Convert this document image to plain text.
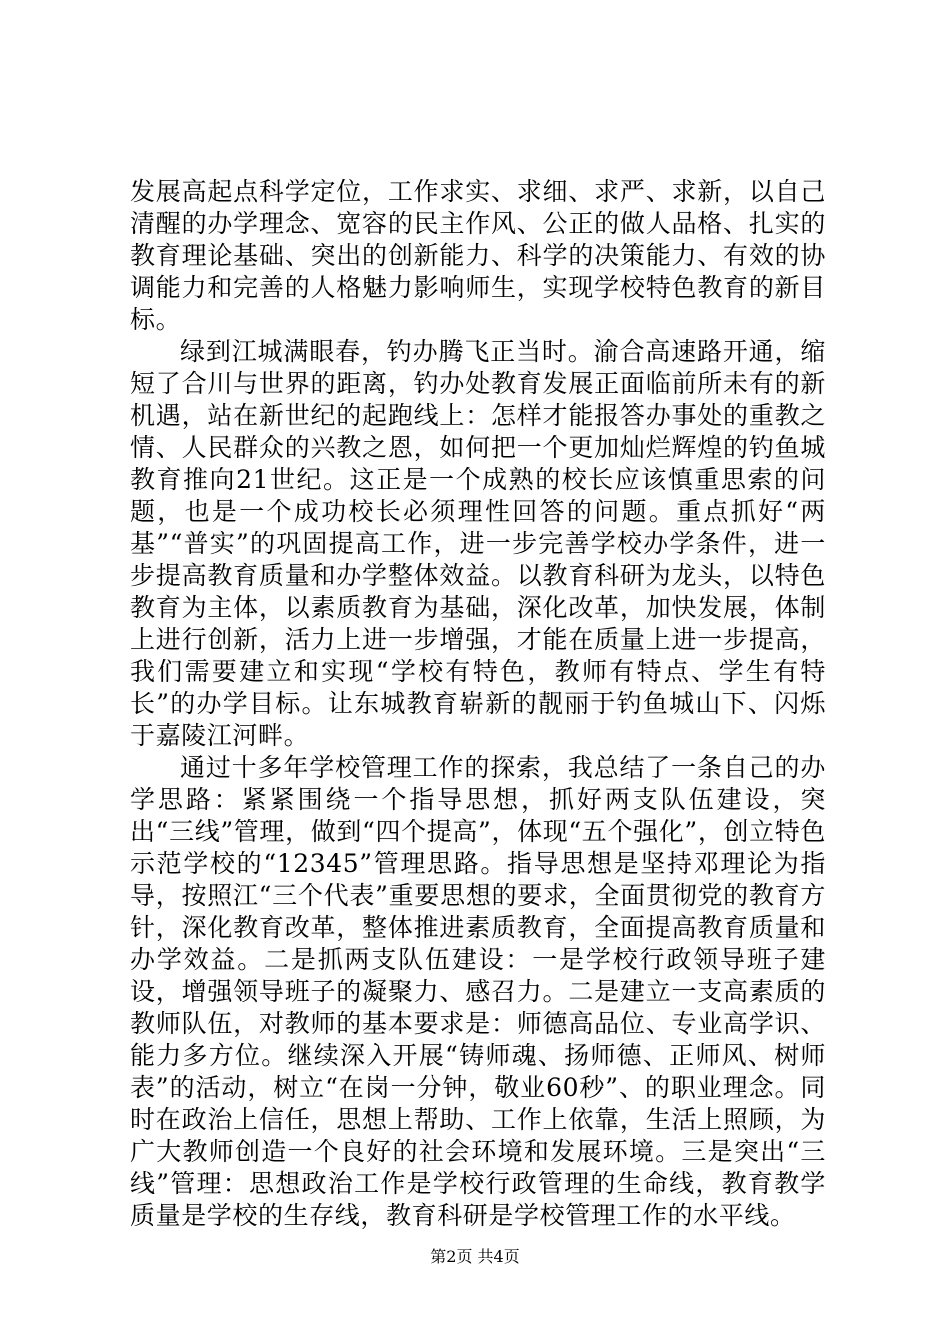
发展高起点科学定位，工作求实、求细、求严、求新，以自己清醒的办学理念、宽容的民主作风、公正的做人品格、扎实的教育理论基础、突出的创新能力、科学的决策能力、有效的协调能力和完善的人格魅力影响师生，实现学校特色教育的新目标。

绿到江城满眼春，钓办腾飞正当时。渝合高速路开通，缩短了合川与世界的距离，钓办处教育发展正面临前所未有的新机遇，站在新世纪的起跑线上：怎样才能报答办事处的重教之情、人民群众的兴教之恩，如何把一个更加灿烂辉煌的钓鱼城教育推向21世纪。这正是一个成熟的校长应该慎重思索的问题，也是一个成功校长必须理性回答的问题。重点抓好“两基”“普实”的巩固提高工作，进一步完善学校办学条件，进一步提高教育质量和办学整体效益。以教育科研为龙头，以特色教育为主体，以素质教育为基础，深化改革，加快发展，体制上进行创新，活力上进一步增强，才能在质量上进一步提高，我们需要建立和实现“学校有特色，教师有特点、学生有特长”的办学目标。让东城教育崭新的靓丽于钓鱼城山下、闪烁于嘉陵江河畔。

通过十多年学校管理工作的探索，我总结了一条自己的办学思路：紧紧围绕一个指导思想，抓好两支队伍建设，突出“三线”管理，做到“四个提高”，体现“五个强化”，创立特色示范学校的“12345”管理思路。指导思想是坚持邓理论为指导，按照江“三个代表”重要思想的要求，全面贯彻党的教育方针，深化教育改革，整体推进素质教育，全面提高教育质量和办学效益。二是抓两支队伍建设：一是学校行政领导班子建设，增强领导班子的凝聚力、感召力。二是建立一支高素质的教师队伍，对教师的基本要求是：师德高品位、专业高学识、能力多方位。继续深入开展“铸师魂、扬师德、正师风、树师表”的活动，树立“在岗一分钟，敬业60秒”、的职业理念。同时在政治上信任，思想上帮助、工作上依靠，生活上照顾，为广大教师创造一个良好的社会环境和发展环境。三是突出“三线”管理：思想政治工作是学校行政管理的生命线，教育教学质量是学校的生存线，教育科研是学校管理工作的水平线。

第2页 共4页
